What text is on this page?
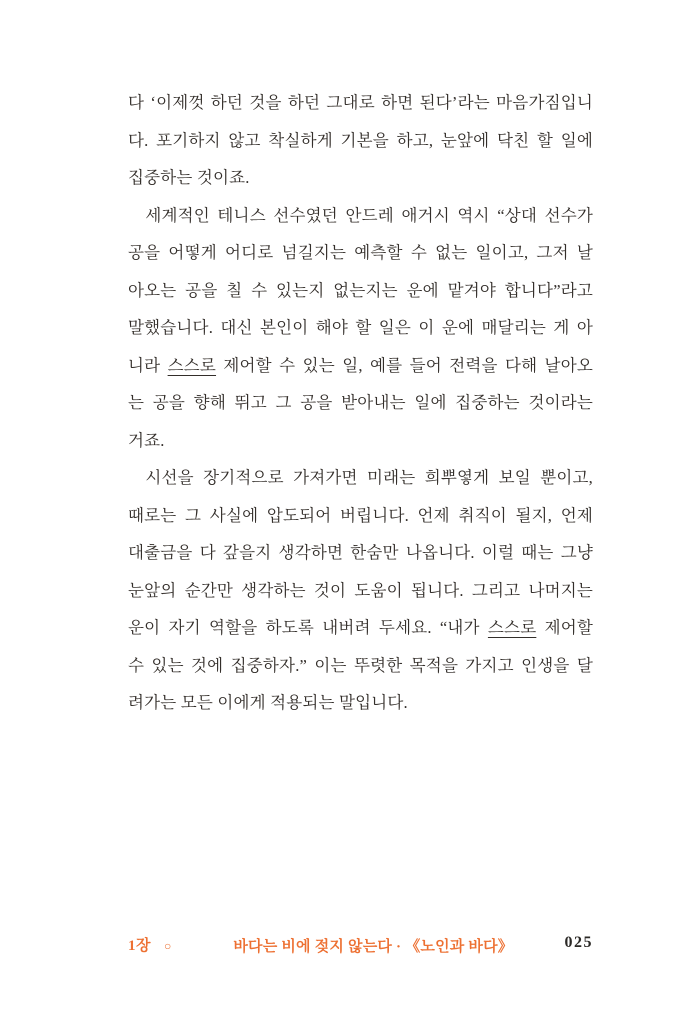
다 ‘이제껏 하던 것을 하던 그대로 하면 된다’라는 마음가짐입니
다. 포기하지 않고 착실하게 기본을 하고, 눈앞에 닥친 할 일에
집중하는 것이죠.
세계적인 테니스 선수였던 안드레 애거시 역시 “상대 선수가
공을 어떻게 어디로 넘길지는 예측할 수 없는 일이고, 그저 날
아오는 공을 칠 수 있는지 없는지는 운에 맡겨야 합니다”라고
말했습니다. 대신 본인이 해야 할 일은 이 운에 매달리는 게 아
니라 스스로 제어할 수 있는 일, 예를 들어 전력을 다해 날아오
는 공을 향해 뛰고 그 공을 받아내는 일에 집중하는 것이라는
거죠.
시선을 장기적으로 가져가면 미래는 희뿌옇게 보일 뿐이고,
때로는 그 사실에 압도되어 버립니다. 언제 취직이 될지, 언제
대출금을 다 갚을지 생각하면 한숨만 나옵니다. 이럴 때는 그냥
눈앞의 순간만 생각하는 것이 도움이 됩니다. 그리고 나머지는
운이 자기 역할을 하도록 내버려 두세요. “내가 스스로 제어할
수 있는 것에 집중하자.” 이는 뚜렷한 목적을 가지고 인생을 달
려가는 모든 이에게 적용되는 말입니다.
1장 ○	바다는 비에 젖지 않는다 · 《노인과 바다》	025
